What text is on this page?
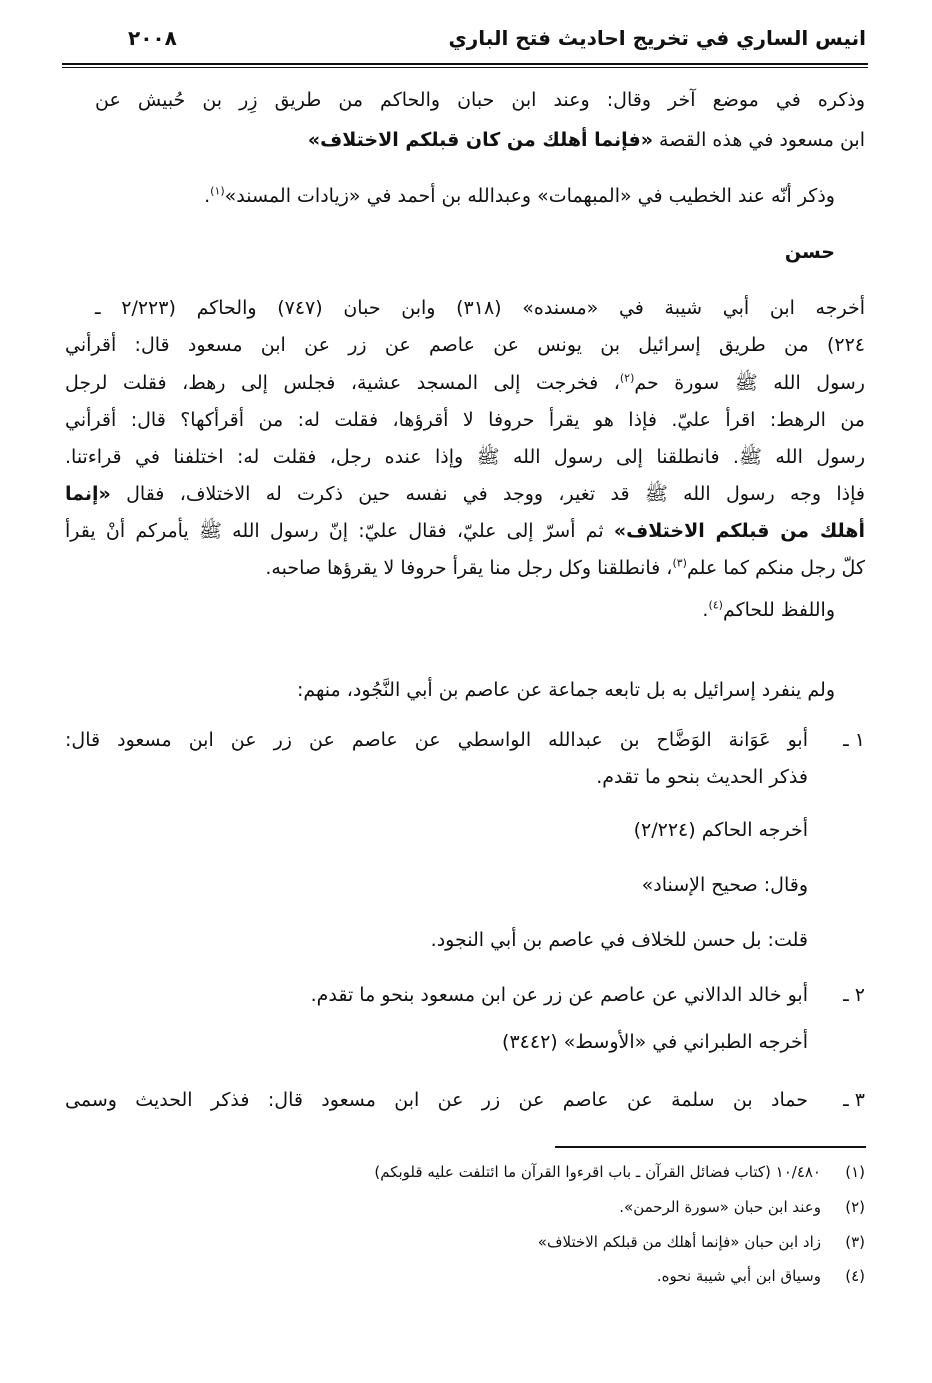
انيس الساري في تخريج احاديث فتح الباري
٢٠٠٨
وذكره في موضع آخر وقال: وعند ابن حبان والحاكم من طريق زِر بن حُبيش عن
ابن مسعود في هذه القصة «فإنما أهلك من كان قبلكم الاختلاف»
وذكر أنّه عند الخطيب في «المبهمات» وعبدالله بن أحمد في «زيادات المسند»$^{(١)}$.
حسن
أخرجه ابن أبي شيبة في «مسنده» (٣١٨) وابن حبان (٧٤٧) والحاكم (٢/٢٢٣ ـ
٢٢٤) من طريق إسرائيل بن يونس عن عاصم عن زر عن ابن مسعود قال: أقرأني
رسول الله ﷺ سورة حم$^{(٢)}$، فخرجت إلى المسجد عشية، فجلس إلى رهط، فقلت لرجل
من الرهط: اقرأ عليّ. فإذا هو يقرأ حروفا لا أقرؤها، فقلت له: من أقرأكها؟ قال: أقرأني
رسول الله ﷺ. فانطلقنا إلى رسول الله ﷺ وإذا عنده رجل، فقلت له: اختلفنا في قراءتنا.
فإذا وجه رسول الله ﷺ قد تغير، ووجد في نفسه حين ذكرت له الاختلاف، فقال «إنما
أهلك من قبلكم الاختلاف» ثم أسرّ إلى عليّ، فقال عليّ: إنّ رسول الله ﷺ يأمركم أنْ يقرأ
كلّ رجل منكم كما علم$^{(٣)}$، فانطلقنا وكل رجل منا يقرأ حروفا لا يقرؤها صاحبه.
واللفظ للحاكم$^{(٤)}$.
ولم ينفرد إسرائيل به بل تابعه جماعة عن عاصم بن أبي النَّجُود، منهم:
١ ـ
أبو عَوَانة الوَضَّاح بن عبدالله الواسطي عن عاصم عن زر عن ابن مسعود قال:
فذكر الحديث بنحو ما تقدم.
أخرجه الحاكم (٢/٢٢٤)
وقال: صحيح الإسناد»
قلت: بل حسن للخلاف في عاصم بن أبي النجود.
٢ ـ
أبو خالد الدالاني عن عاصم عن زر عن ابن مسعود بنحو ما تقدم.
أخرجه الطبراني في «الأوسط» (٣٤٤٢)
٣ ـ
حماد بن سلمة عن عاصم عن زر عن ابن مسعود قال: فذكر الحديث وسمى
(١)١٠/٤٨٠ (كتاب فضائل القرآن ـ باب اقرءوا القرآن ما ائتلفت عليه قلوبكم)
(٢)وعند ابن حبان «سورة الرحمن».
(٣)زاد ابن حبان «فإنما أهلك من قبلكم الاختلاف»
(٤)وسياق ابن أبي شيبة نحوه.
